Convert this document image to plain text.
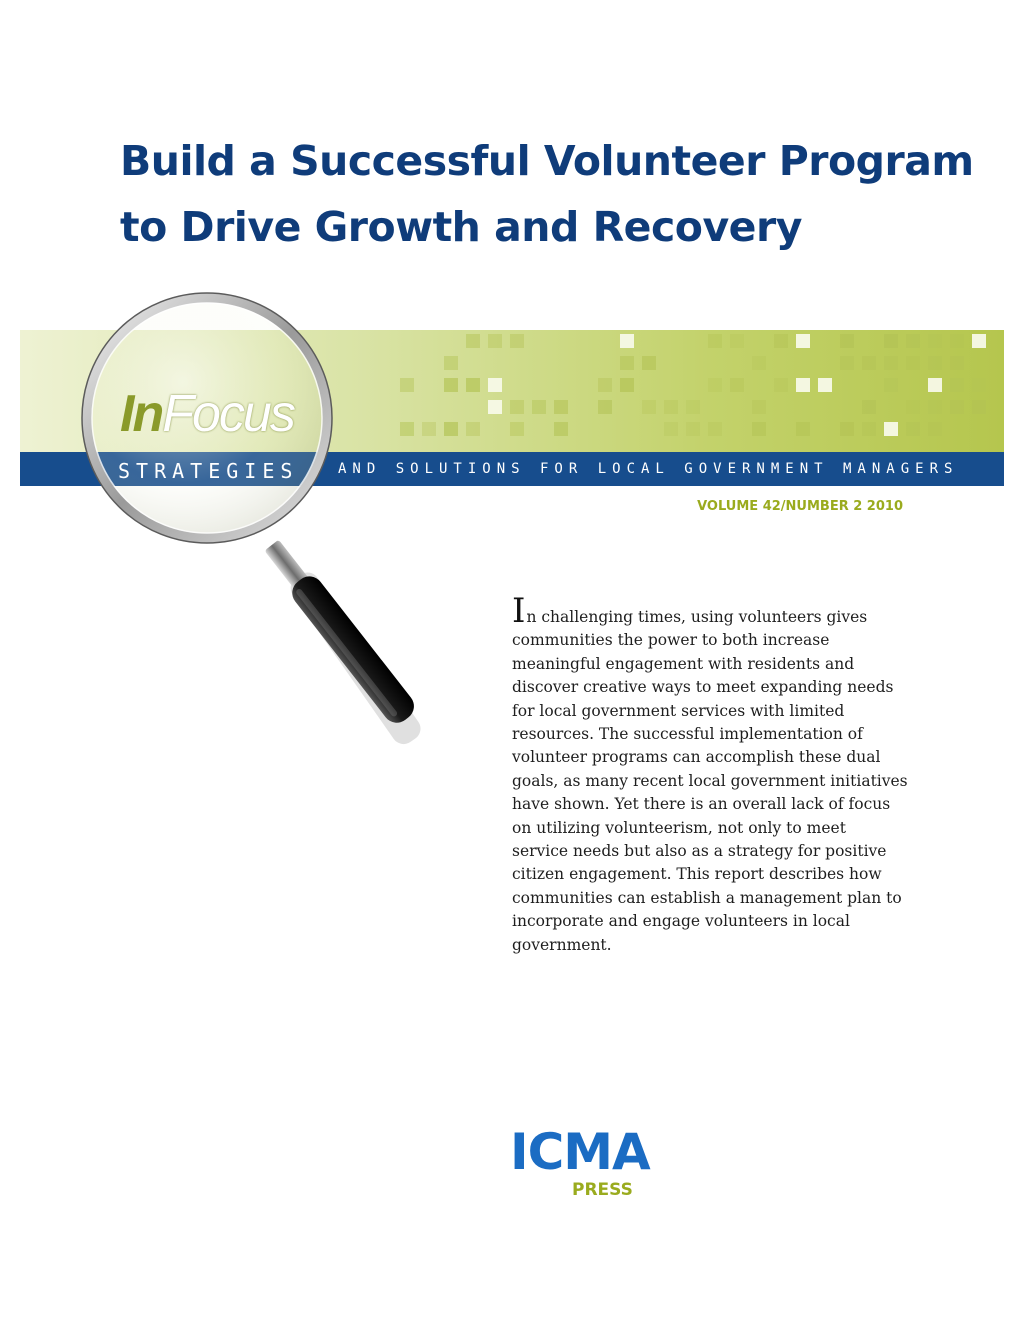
Build a Successful Volunteer Program
to Drive Growth and Recovery
AND SOLUTIONS FOR LOCAL GOVERNMENT MANAGERS

VOLUME 42/NUMBER 2 2010

InFocus
STRATEGIES
In challenging times, using volunteers gives
communities the power to both increase
meaningful engagement with residents and
discover creative ways to meet expanding needs
for local government services with limited
resources. The successful implementation of
volunteer programs can accomplish these dual
goals, as many recent local government initiatives
have shown. Yet there is an overall lack of focus
on utilizing volunteerism, not only to meet
service needs but also as a strategy for positive
citizen engagement. This report describes how
communities can establish a management plan to
incorporate and engage volunteers in local
government.
ICMA
PRESS
